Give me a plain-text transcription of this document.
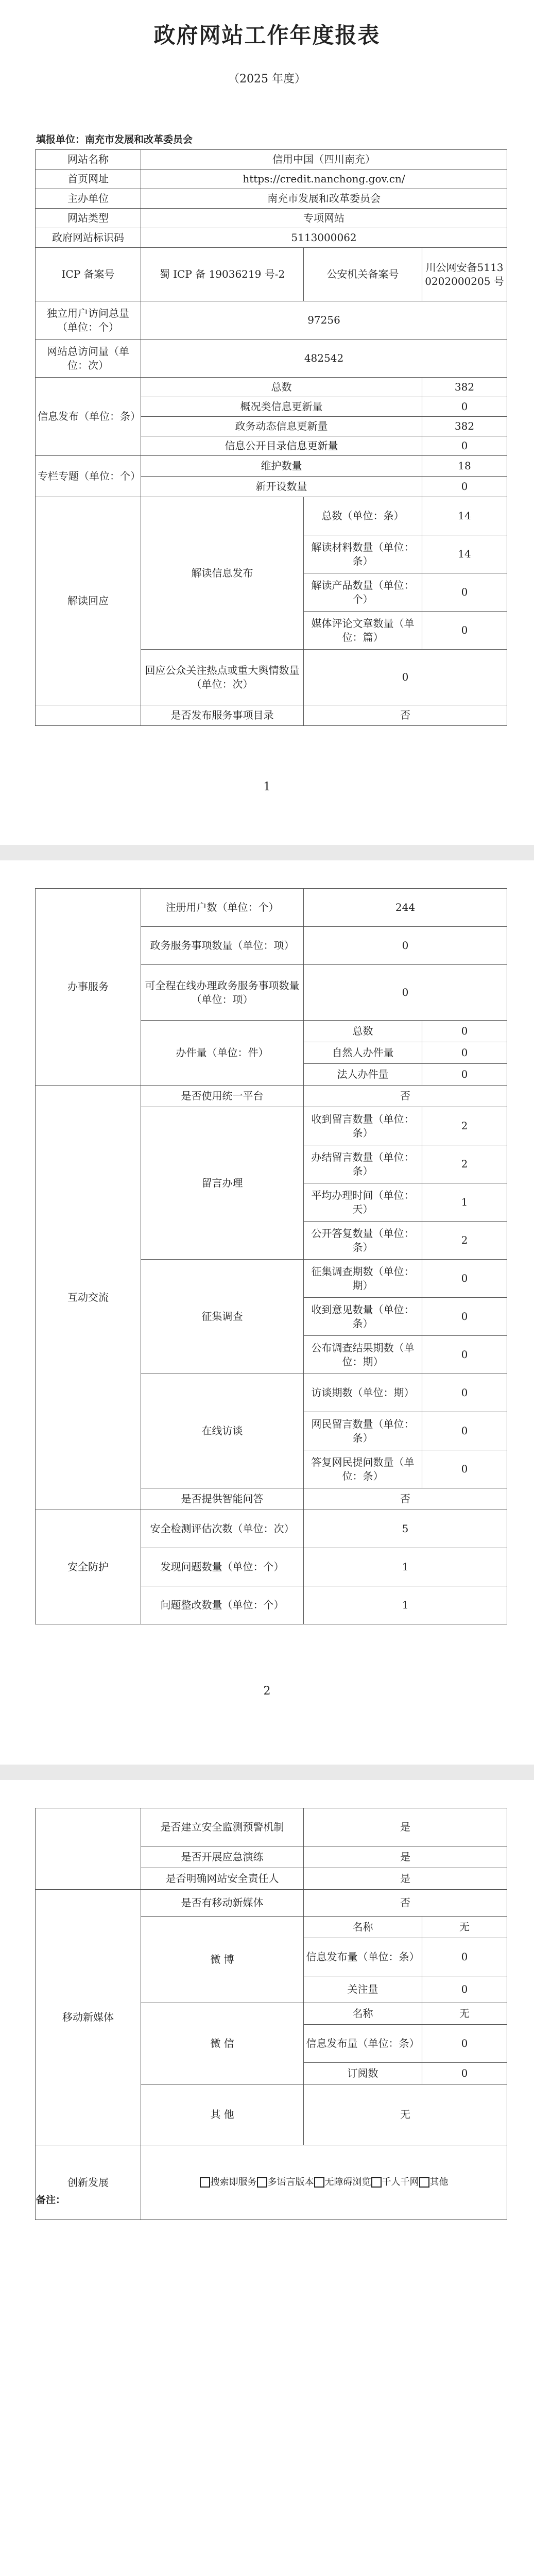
政府网站工作年度报表
（2025 年度）
填报单位：南充市发展和改革委员会
网站名称	信用中国（四川南充）		
首页网址	https://credit.nanchong.gov.cn/		
主办单位	南充市发展和改革委员会		
网站类型	专项网站		
政府网站标识码	5113000062		
ICP 备案号	蜀 ICP 备 19036219 号-2	公安机关备案号	川公网安备51130202000205 号
独立用户访问总量（单位：个）	97256		
网站总访问量（单位：次）	482542		
信息发布（单位：条）	总数		382
	概况类信息更新量		0
	政务动态信息更新量		382
	信息公开目录信息更新量		0
专栏专题（单位：个）	维护数量		18
	新开设数量		0
解读回应	解读信息发布	总数（单位：条）	14
		解读材料数量（单位：条）	14
		解读产品数量（单位：个）	0
		媒体评论文章数量（单位：篇）	0
	回应公众关注热点或重大舆情数量（单位：次）	0	
	是否发布服务事项目录	否	
1
办事服务	注册用户数（单位：个）	244	
	政务服务事项数量（单位：项）	0	
	可全程在线办理政务服务事项数量（单位：项）	0	
	办件量（单位：件）	总数	0
		自然人办件量	0
		法人办件量	0
互动交流	是否使用统一平台	否	
	留言办理	收到留言数量（单位：条）	2
		办结留言数量（单位：条）	2
		平均办理时间（单位：天）	1
		公开答复数量（单位：条）	2
	征集调查	征集调查期数（单位：期）	0
		收到意见数量（单位：条）	0
		公布调查结果期数（单位：期）	0
	在线访谈	访谈期数（单位：期）	0
		网民留言数量（单位：条）	0
		答复网民提问数量（单位：条）	0
	是否提供智能问答	否	
安全防护	安全检测评估次数（单位：次）	5	
	发现问题数量（单位：个）	1	
	问题整改数量（单位：个）	1	
2
	是否建立安全监测预警机制	是	
	是否开展应急演练	是	
	是否明确网站安全责任人	是	
移动新媒体	是否有移动新媒体	否	
	微 博	名称	无
		信息发布量（单位：条）	0
		关注量	0
	微 信	名称	无
		信息发布量（单位：条）	0
		订阅数	0
	其 他	无	
创新发展	搜索即服务 多语言版本 无障碍浏览 千人千网 其他		
备注：
